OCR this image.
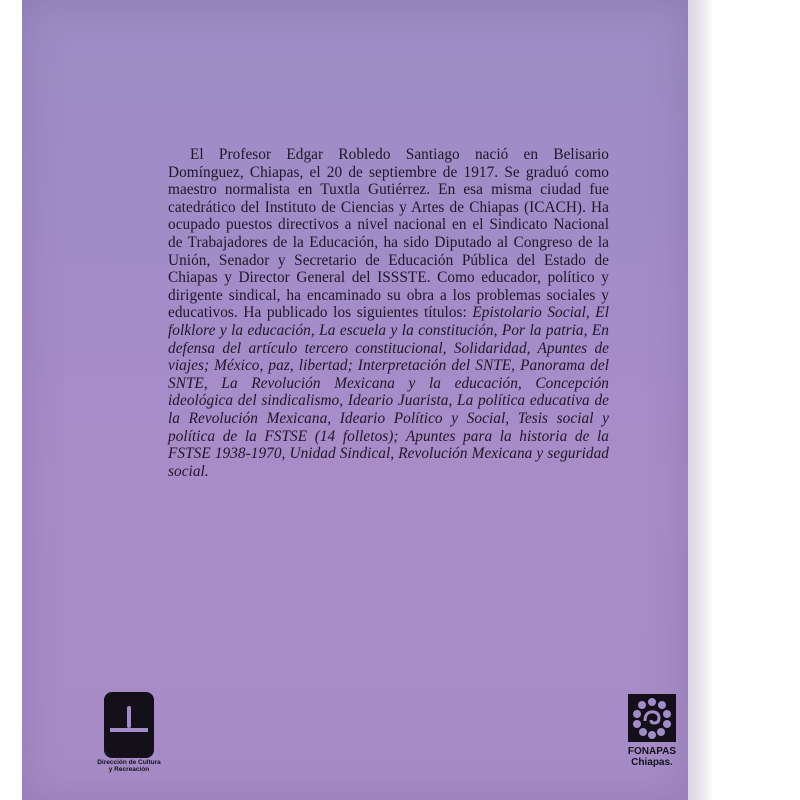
El Profesor Edgar Robledo Santiago nació en Belisario Domínguez, Chiapas, el 20 de septiembre de 1917. Se graduó como maestro normalista en Tuxtla Gutiérrez. En esa misma ciudad fue catedrático del Instituto de Ciencias y Artes de Chiapas (ICACH). Ha ocupado puestos directivos a nivel nacional en el Sindicato Nacional de Trabajadores de la Educación, ha sido Diputado al Congreso de la Unión, Senador y Secretario de Educación Pública del Estado de Chiapas y Director General del ISSSTE. Como educador, político y dirigente sindical, ha encaminado su obra a los problemas sociales y educativos. Ha publicado los siguientes títulos: Epistolario Social, El folklore y la educación, La escuela y la constitución, Por la patria, En defensa del artículo tercero constitucional, Solidaridad, Apuntes de viajes; México, paz, libertad; Interpretación del SNTE, Panorama del SNTE, La Revolución Mexicana y la educación, Concepción ideológica del sindicalismo, Ideario Juarista, La política educativa de la Revolución Mexicana, Ideario Político y Social, Tesis social y política de la FSTSE (14 folletos); Apuntes para la historia de la FSTSE 1938-1970, Unidad Sindical, Revolución Mexicana y seguridad social.

Dirección de Cultura
y Recreación
FONAPAS
Chiapas.
